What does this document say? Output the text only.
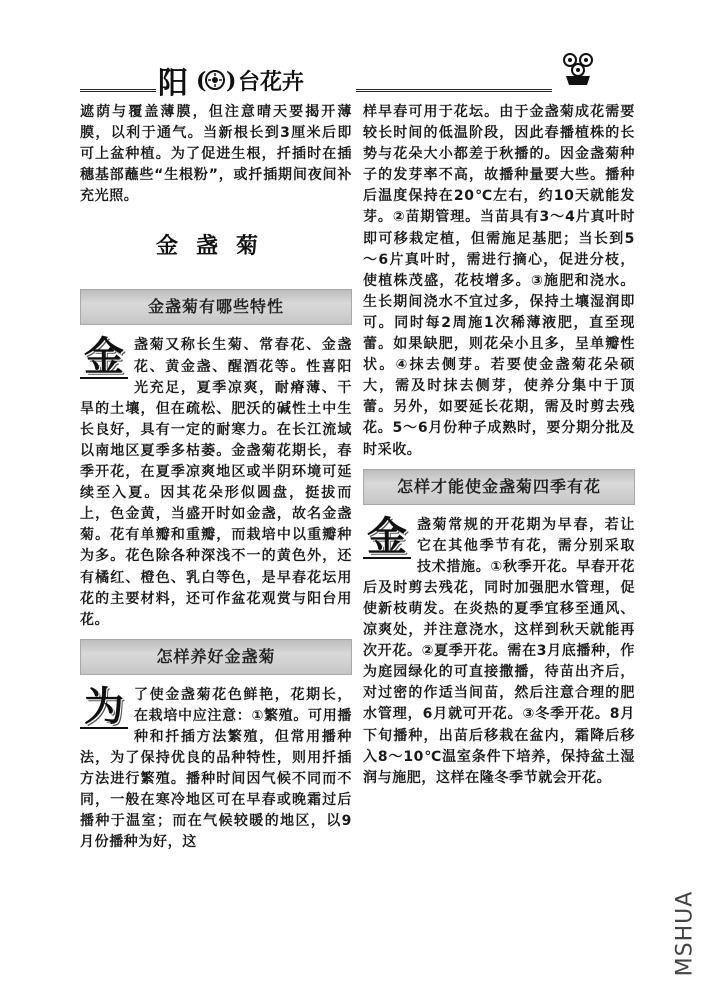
阳 ( ) 台花卉

遮荫与覆盖薄膜，但注意晴天要揭开薄膜，以利于通气。当新根长到3厘米后即可上盆种植。为了促进生根，扦插时在插穗基部蘸些“生根粉”，或扦插期间夜间补充光照。

金盏菊
金盏菊有哪些特性
金 盏菊又称长生菊、常春花、金盏花、黄金盏、醒酒花等。性喜阳光充足，夏季凉爽，耐瘠薄、干旱的土壤，但在疏松、肥沃的碱性土中生长良好，具有一定的耐寒力。在长江流域以南地区夏季多枯萎。金盏菊花期长，春季开花，在夏季凉爽地区或半阴环境可延续至入夏。因其花朵形似圆盘，挺拔而上，色金黄，当盛开时如金盏，故名金盏菊。花有单瓣和重瓣，而栽培中以重瓣种为多。花色除各种深浅不一的黄色外，还有橘红、橙色、乳白等色，是早春花坛用花的主要材料，还可作盆花观赏与阳台用花。

怎样养好金盏菊
为 了使金盏菊花色鲜艳，花期长，在栽培中应注意：①繁殖。可用播种和扦插方法繁殖，但常用播种法，为了保持优良的品种特性，则用扦插方法进行繁殖。播种时间因气候不同而不同，一般在寒冷地区可在早春或晚霜过后播种于温室；而在气候较暖的地区，以9月份播种为好，这

样早春可用于花坛。由于金盏菊成花需要较长时间的低温阶段，因此春播植株的长势与花朵大小都差于秋播的。因金盏菊种子的发芽率不高，故播种量要大些。播种后温度保持在20℃左右，约10天就能发芽。②苗期管理。当苗具有3～4片真叶时即可移栽定植，但需施足基肥；当长到5～6片真叶时，需进行摘心，促进分枝，使植株茂盛，花枝增多。③施肥和浇水。生长期间浇水不宜过多，保持土壤湿润即可。同时每2周施1次稀薄液肥，直至现蕾。如果缺肥，则花朵小且多，呈单瓣性状。④抹去侧芽。若要使金盏菊花朵硕大，需及时抹去侧芽，使养分集中于顶蕾。另外，如要延长花期，需及时剪去残花。5～6月份种子成熟时，要分期分批及时采收。

怎样才能使金盏菊四季有花
金 盏菊常规的开花期为早春，若让它在其他季节有花，需分别采取技术措施。①秋季开花。早春开花后及时剪去残花，同时加强肥水管理，促使新枝萌发。在炎热的夏季宜移至通风、凉爽处，并注意浇水，这样到秋天就能再次开花。②夏季开花。需在3月底播种，作为庭园绿化的可直接撒播，待苗出齐后，对过密的作适当间苗，然后注意合理的肥水管理，6月就可开花。③冬季开花。8月下旬播种，出苗后移栽在盆内，霜降后移入8～10℃温室条件下培养，保持盆土湿润与施肥，这样在隆冬季节就会开花。

MSHUA
